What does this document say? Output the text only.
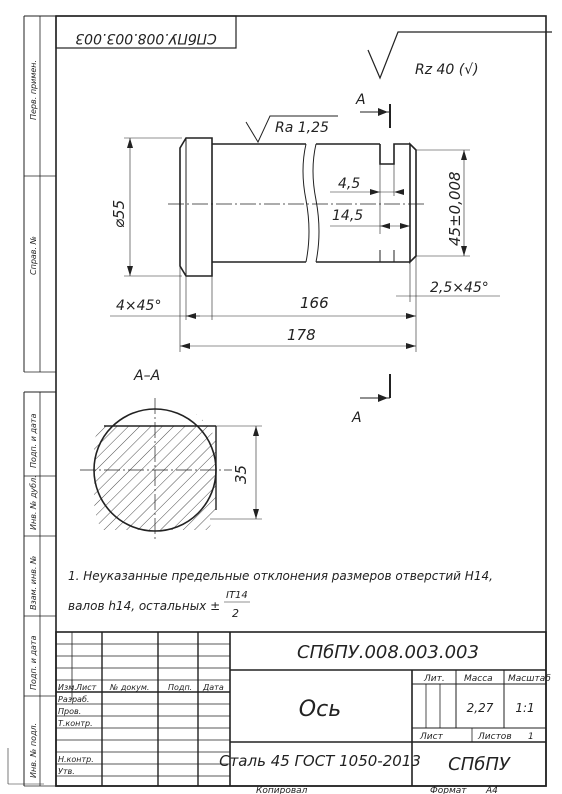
Перв. примен.
Справ. №
Подп. и дата
Инв. № дубл.
Взам. инв. №
Подп. и дата
Инв. № подл.
СПбПУ.008.003.003
Rz 40 (√)
А
Ra 1,25
⌀55
4,5
14,5	45±0,008
2,5×45°
4×45°	166
178
А–А
А
35
1. Неуказанные предельные отклонения размеров отверстий H14,
валов h14, остальных ±
IT14
2
Изм. Лист № докум. Подп. Дата
Разраб.
Пров.
Т.контр.
Н.контр.
Утв.
СПбПУ.008.003.003
Ось
Сталь 45 ГОСТ 1050-2013
Лит. Масса Масштаб
Лист	Листов
2,27 1:1
1
СПбПУ
Копировал	Формат A4
